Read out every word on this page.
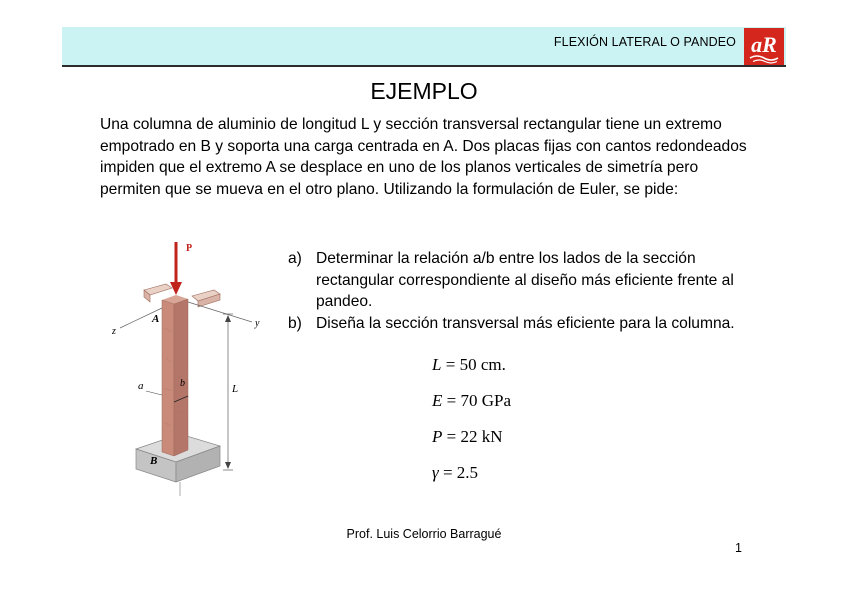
FLEXIÓN LATERAL O PANDEO aR
EJEMPLO

Una columna de aluminio de longitud L y sección transversal rectangular tiene un extremo empotrado en B y soporta una carga centrada en A. Dos placas fijas con cantos redondeados impiden que el extremo A se desplace en uno de los planos verticales de simetría pero permiten que se mueva en el otro plano. Utilizando la formulación de Euler, se pide:

P
z
y
A
B
L
a	b
a) Determinar la relación a/b entre los lados de la sección rectangular correspondiente al diseño más eficiente frente al pandeo.
b) Diseña la sección transversal más eficiente para la columna.
L = 50 cm.
E = 70 GPa
P = 22 kN
γ = 2.5
Prof. Luis Celorrio Barragué
1
